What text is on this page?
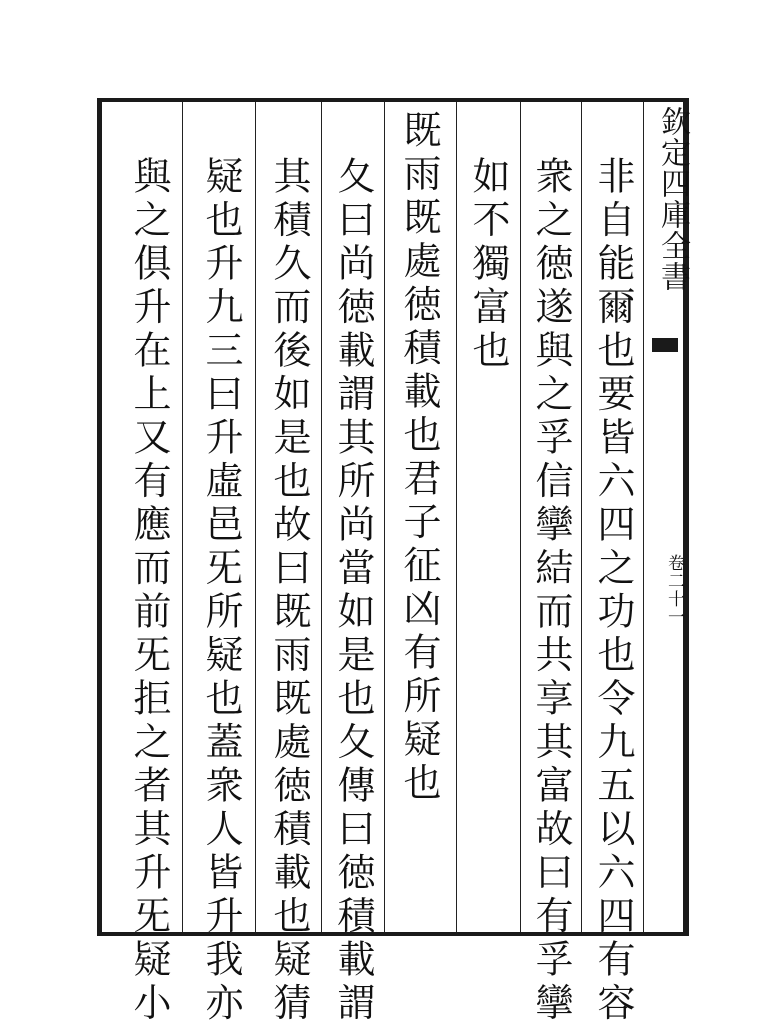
欽定四庫全書
卷二十一
非自能爾也要皆六四之功也令九五以六四有容
衆之徳遂與之孚信攣結而共享其富故曰有孚攣
如不獨富也
既雨既處徳積載也君子征凶有所疑也
夂曰尚徳載謂其所尚當如是也夂傳曰徳積載謂
其積久而後如是也故曰既雨既處徳積載也疑猜
疑也升九三曰升虛邑旡所疑也蓋衆人皆升我亦
與之俱升在上又有應而前旡拒之者其升旡疑小
